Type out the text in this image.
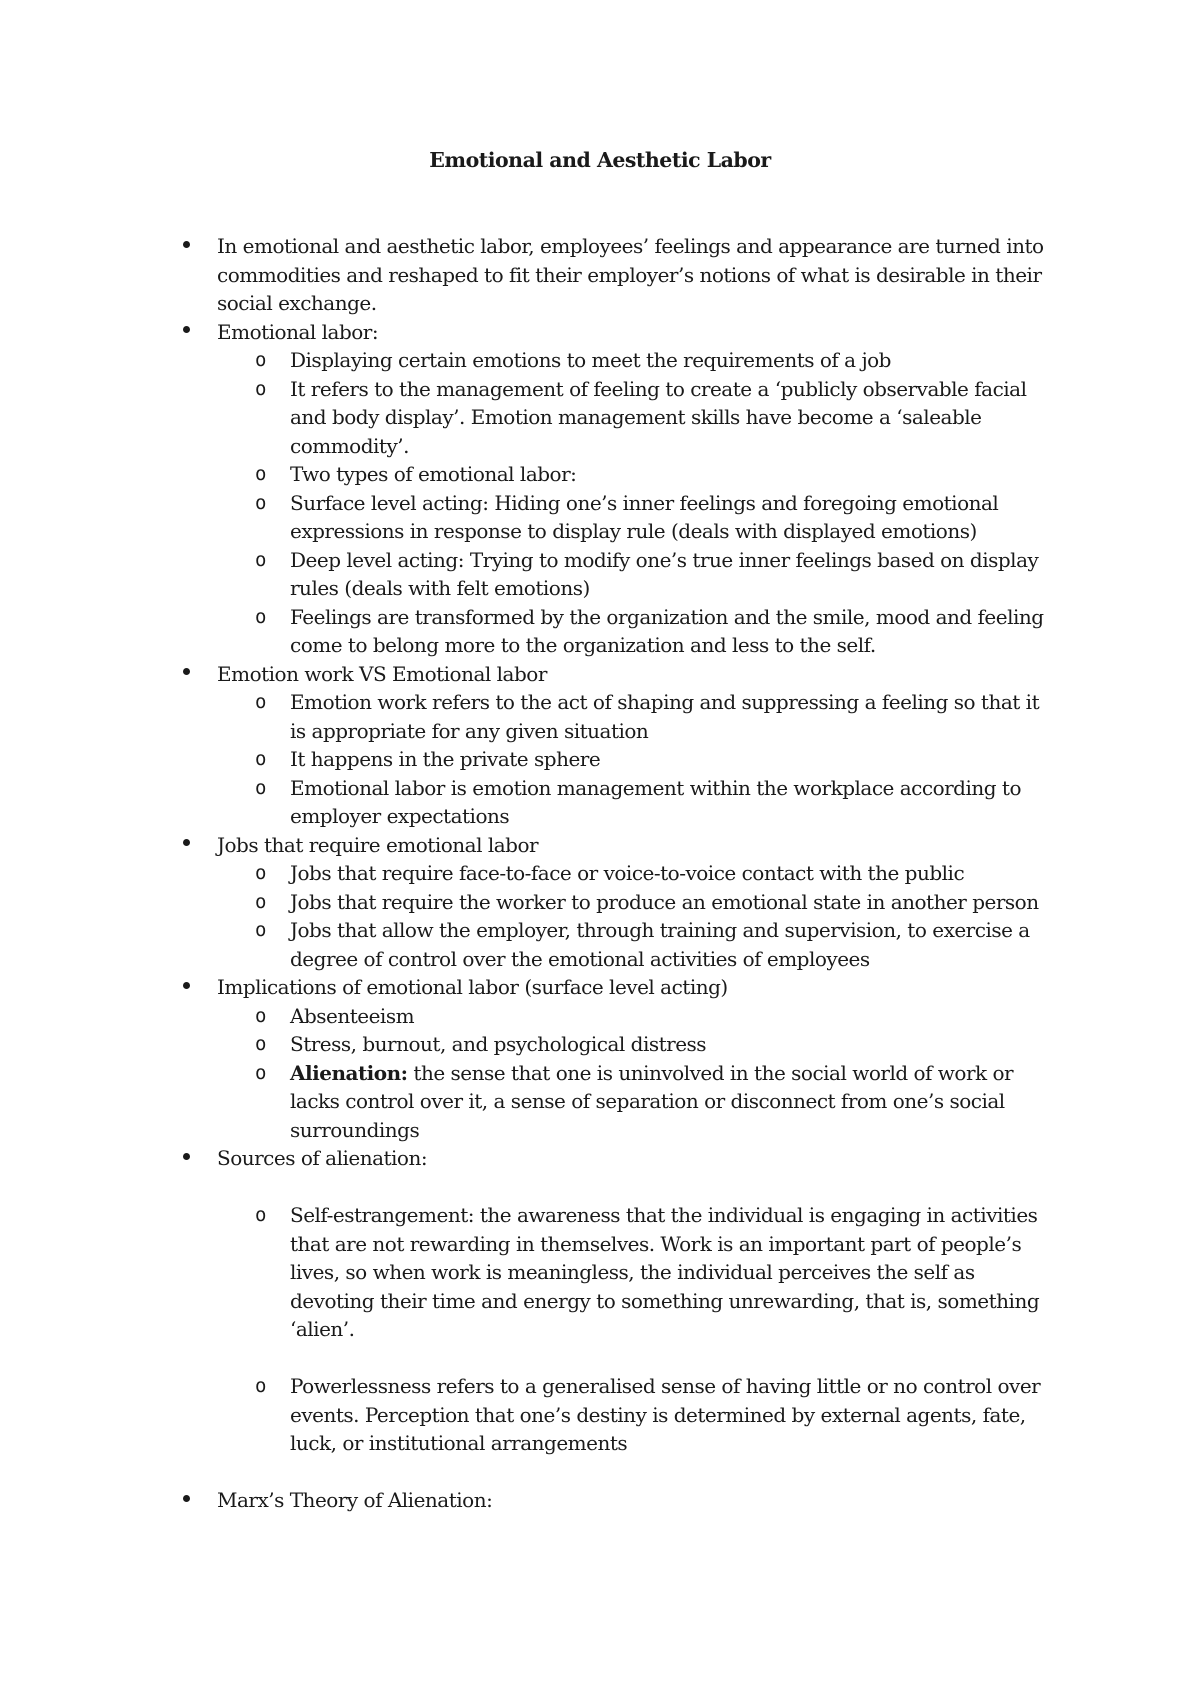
Emotional and Aesthetic Labor
In emotional and aesthetic labor, employees’ feelings and appearance are turned into commodities and reshaped to fit their employer’s notions of what is desirable in their social exchange.
Emotional labor:
o Displaying certain emotions to meet the requirements of a job
o It refers to the management of feeling to create a ‘publicly observable facial and body display’. Emotion management skills have become a ‘saleable commodity’.
o Two types of emotional labor:
o Surface level acting: Hiding one’s inner feelings and foregoing emotional expressions in response to display rule (deals with displayed emotions)
o Deep level acting: Trying to modify one’s true inner feelings based on display rules (deals with felt emotions)
o Feelings are transformed by the organization and the smile, mood and feeling come to belong more to the organization and less to the self.
Emotion work VS Emotional labor
o Emotion work refers to the act of shaping and suppressing a feeling so that it is appropriate for any given situation
o It happens in the private sphere
o Emotional labor is emotion management within the workplace according to employer expectations
Jobs that require emotional labor
o Jobs that require face-to-face or voice-to-voice contact with the public
o Jobs that require the worker to produce an emotional state in another person
o Jobs that allow the employer, through training and supervision, to exercise a degree of control over the emotional activities of employees
Implications of emotional labor (surface level acting)
o Absenteeism
o Stress, burnout, and psychological distress
o Alienation: the sense that one is uninvolved in the social world of work or lacks control over it, a sense of separation or disconnect from one’s social surroundings
Sources of alienation:
o Self-estrangement: the awareness that the individual is engaging in activities that are not rewarding in themselves. Work is an important part of people’s lives, so when work is meaningless, the individual perceives the self as devoting their time and energy to something unrewarding, that is, something ‘alien’.
o Powerlessness refers to a generalised sense of having little or no control over events. Perception that one’s destiny is determined by external agents, fate, luck, or institutional arrangements
Marx’s Theory of Alienation:
